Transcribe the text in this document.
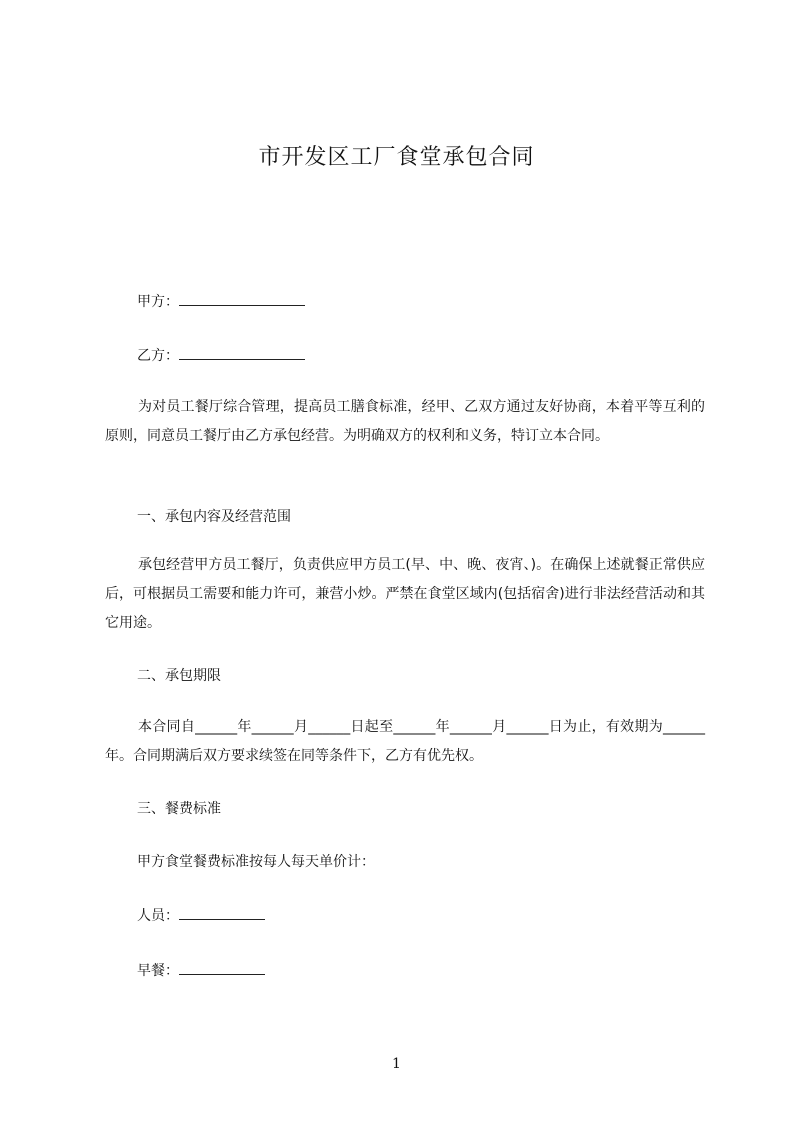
市开发区工厂食堂承包合同
甲方：
乙方：
为对员工餐厅综合管理，提高员工膳食标准，经甲、乙双方通过友好协商，本着平等互利的原则，同意员工餐厅由乙方承包经营。为明确双方的权利和义务，特订立本合同。
一、承包内容及经营范围
承包经营甲方员工餐厅，负责供应甲方员工(早、中、晚、夜宵、)。在确保上述就餐正常供应后，可根据员工需要和能力许可，兼营小炒。严禁在食堂区域内(包括宿舍)进行非法经营活动和其它用途。
二、承包期限
本合同自______年______月______日起至______年______月______日为止，有效期为______年。合同期满后双方要求续签在同等条件下，乙方有优先权。
三、餐费标准
甲方食堂餐费标准按每人每天单价计：
人员：
早餐：
1
